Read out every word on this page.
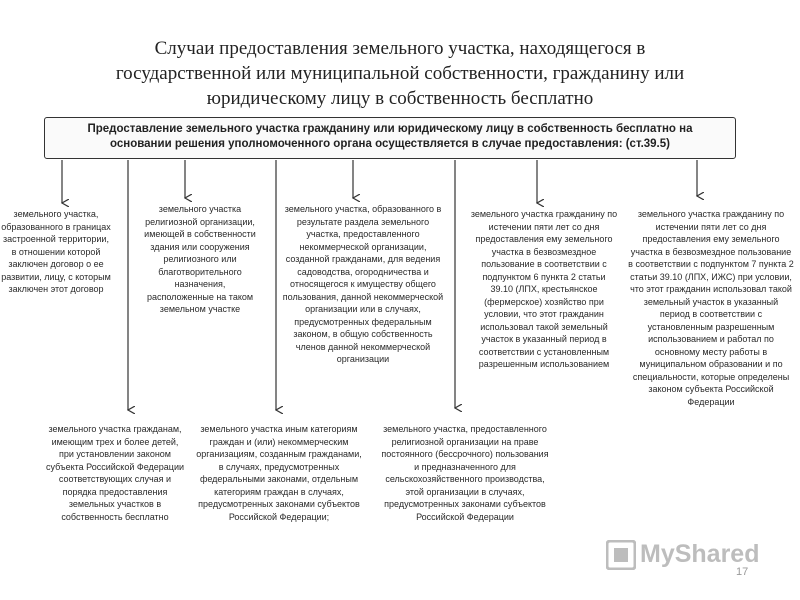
Случаи предоставления земельного участка, находящегося в
государственной или муниципальной собственности, гражданину или
юридическому лицу в собственность бесплатно
Предоставление земельного участка гражданину или юридическому лицу в собственность бесплатно на
основании решения уполномоченного органа осуществляется в случае предоставления: (ст.39.5)
земельного участка, образованного в границах застроенной территории, в отношении которой заключен договор о ее развитии, лицу, с которым заключен этот договор
земельного участка религиозной организации, имеющей в собственности здания или сооружения религиозного или благотворительного назначения, расположенные на таком земельном участке
земельного участка, образованного в результате раздела земельного участка, предоставленного некоммерческой организации, созданной гражданами, для ведения садоводства, огородничества и относящегося к имуществу общего пользования, данной некоммерческой организации или в случаях, предусмотренных федеральным законом, в общую собственность членов данной некоммерческой организации
земельного участка гражданину по истечении пяти лет со дня предоставления ему земельного участка в безвозмездное пользование в соответствии с подпунктом 6 пункта 2 статьи 39.10 (ЛПХ, крестьянское (фермерское) хозяйство при условии, что этот гражданин использовал такой земельный участок в указанный период в соответствии с установленным разрешенным использованием
земельного участка гражданину по истечении пяти лет со дня предоставления ему земельного участка в безвозмездное пользование в соответствии с подпунктом 7 пункта 2 статьи 39.10 (ЛПХ, ИЖС) при условии, что этот гражданин использовал такой земельный участок в указанный период в соответствии с установленным разрешенным использованием и работал по основному месту работы в муниципальном образовании и по специальности, которые определены законом субъекта Российской Федерации
земельного участка гражданам, имеющим трех и более детей, при установлении законом субъекта Российской Федерации соответствующих случая и порядка предоставления земельных участков в собственность бесплатно
земельного участка иным категориям граждан и (или) некоммерческим организациям, созданным гражданами, в случаях, предусмотренных федеральными законами, отдельным категориям граждан в случаях, предусмотренных законами субъектов Российской Федерации;
земельного участка, предоставленного религиозной организации на праве постоянного (бессрочного) пользования и предназначенного для сельскохозяйственного производства, этой организации в случаях, предусмотренных законами субъектов Российской Федерации
MyShared
17
